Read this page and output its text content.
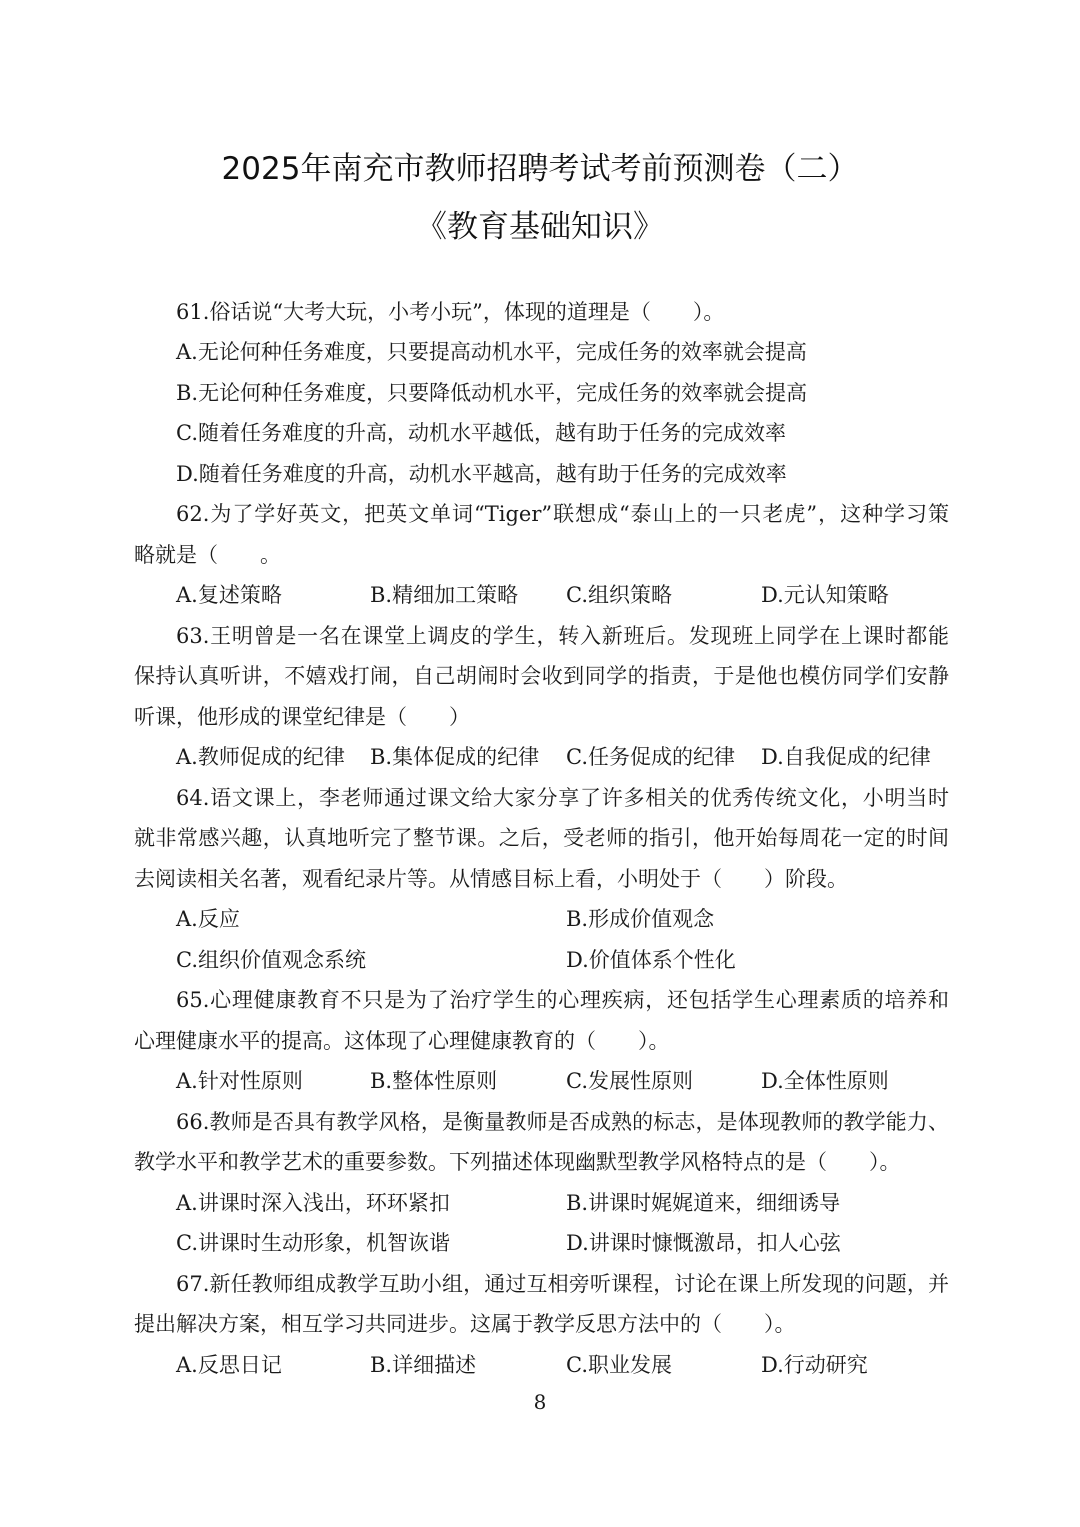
2025年南充市教师招聘考试考前预测卷（二）
《教育基础知识》
61.俗话说“大考大玩，小考小玩”，体现的道理是（　　）。
A.无论何种任务难度，只要提高动机水平，完成任务的效率就会提高
B.无论何种任务难度，只要降低动机水平，完成任务的效率就会提高
C.随着任务难度的升高，动机水平越低，越有助于任务的完成效率
D.随着任务难度的升高，动机水平越高，越有助于任务的完成效率
62.为了学好英文，把英文单词“Tiger”联想成“泰山上的一只老虎”，这种学习策
略就是（　　。
A.复述策略	B.精细加工策略 C.组织策略	D.元认知策略
63.王明曾是一名在课堂上调皮的学生，转入新班后。发现班上同学在上课时都能
保持认真听讲，不嬉戏打闹，自己胡闹时会收到同学的指责，于是他也模仿同学们安静
听课，他形成的课堂纪律是（　　）
A.教师促成的纪律 B.集体促成的纪律 C.任务促成的纪律 D.自我促成的纪律
64.语文课上，李老师通过课文给大家分享了许多相关的优秀传统文化，小明当时
就非常感兴趣，认真地听完了整节课。之后，受老师的指引，他开始每周花一定的时间
去阅读相关名著，观看纪录片等。从情感目标上看，小明处于（　　）阶段。
A.反应	B.形成价值观念
C.组织价值观念系统	D.价值体系个性化
65.心理健康教育不只是为了治疗学生的心理疾病，还包括学生心理素质的培养和
心理健康水平的提高。这体现了心理健康教育的（　　）。
A.针对性原则	B.整体性原则	C.发展性原则	D.全体性原则
66.教师是否具有教学风格，是衡量教师是否成熟的标志，是体现教师的教学能力、
教学水平和教学艺术的重要参数。下列描述体现幽默型教学风格特点的是（　　）。
A.讲课时深入浅出，环环紧扣	B.讲课时娓娓道来，细细诱导
C.讲课时生动形象，机智诙谐	D.讲课时慷慨激昂，扣人心弦
67.新任教师组成教学互助小组，通过互相旁听课程，讨论在课上所发现的问题，并
提出解决方案，相互学习共同进步。这属于教学反思方法中的（　　）。
A.反思日记	B.详细描述	C.职业发展	D.行动研究
8
